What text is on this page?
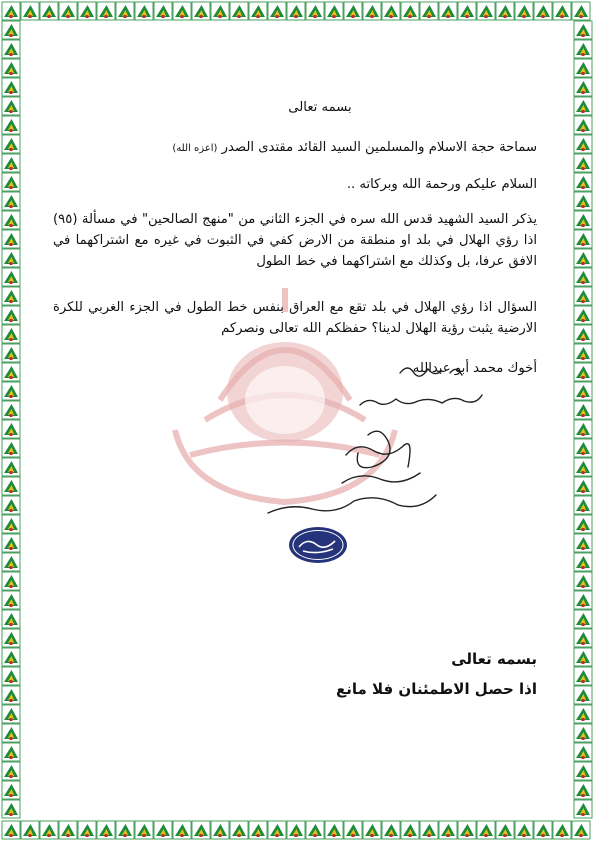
بسمه تعالى
سماحة حجة الاسلام والمسلمين السيد القائد مقتدى الصدر (اعزه الله)
السلام عليكم ورحمة الله وبركاته ..
يذكر السيد الشهيد قدس الله سره في الجزء الثاني من "منهج الصالحين" في مسألة (٩٥) اذا رؤي الهلال في بلد او منطقة من الارض كفي في الثبوت في غيره مع اشتراكهما في الافق عرفا، بل وكذلك مع اشتراكهما في خط الطول
السؤال اذا رؤي الهلال في بلد تقع مع العراق بنفس خط الطول في الجزء الغربي للكرة الارضية يثبت رؤية الهلال لدينا؟ حفظكم الله تعالى ونصركم
أخوك محمد أبو عبدالله
بسمه تعالى
اذا حصل الاطمئنان فلا مانع
